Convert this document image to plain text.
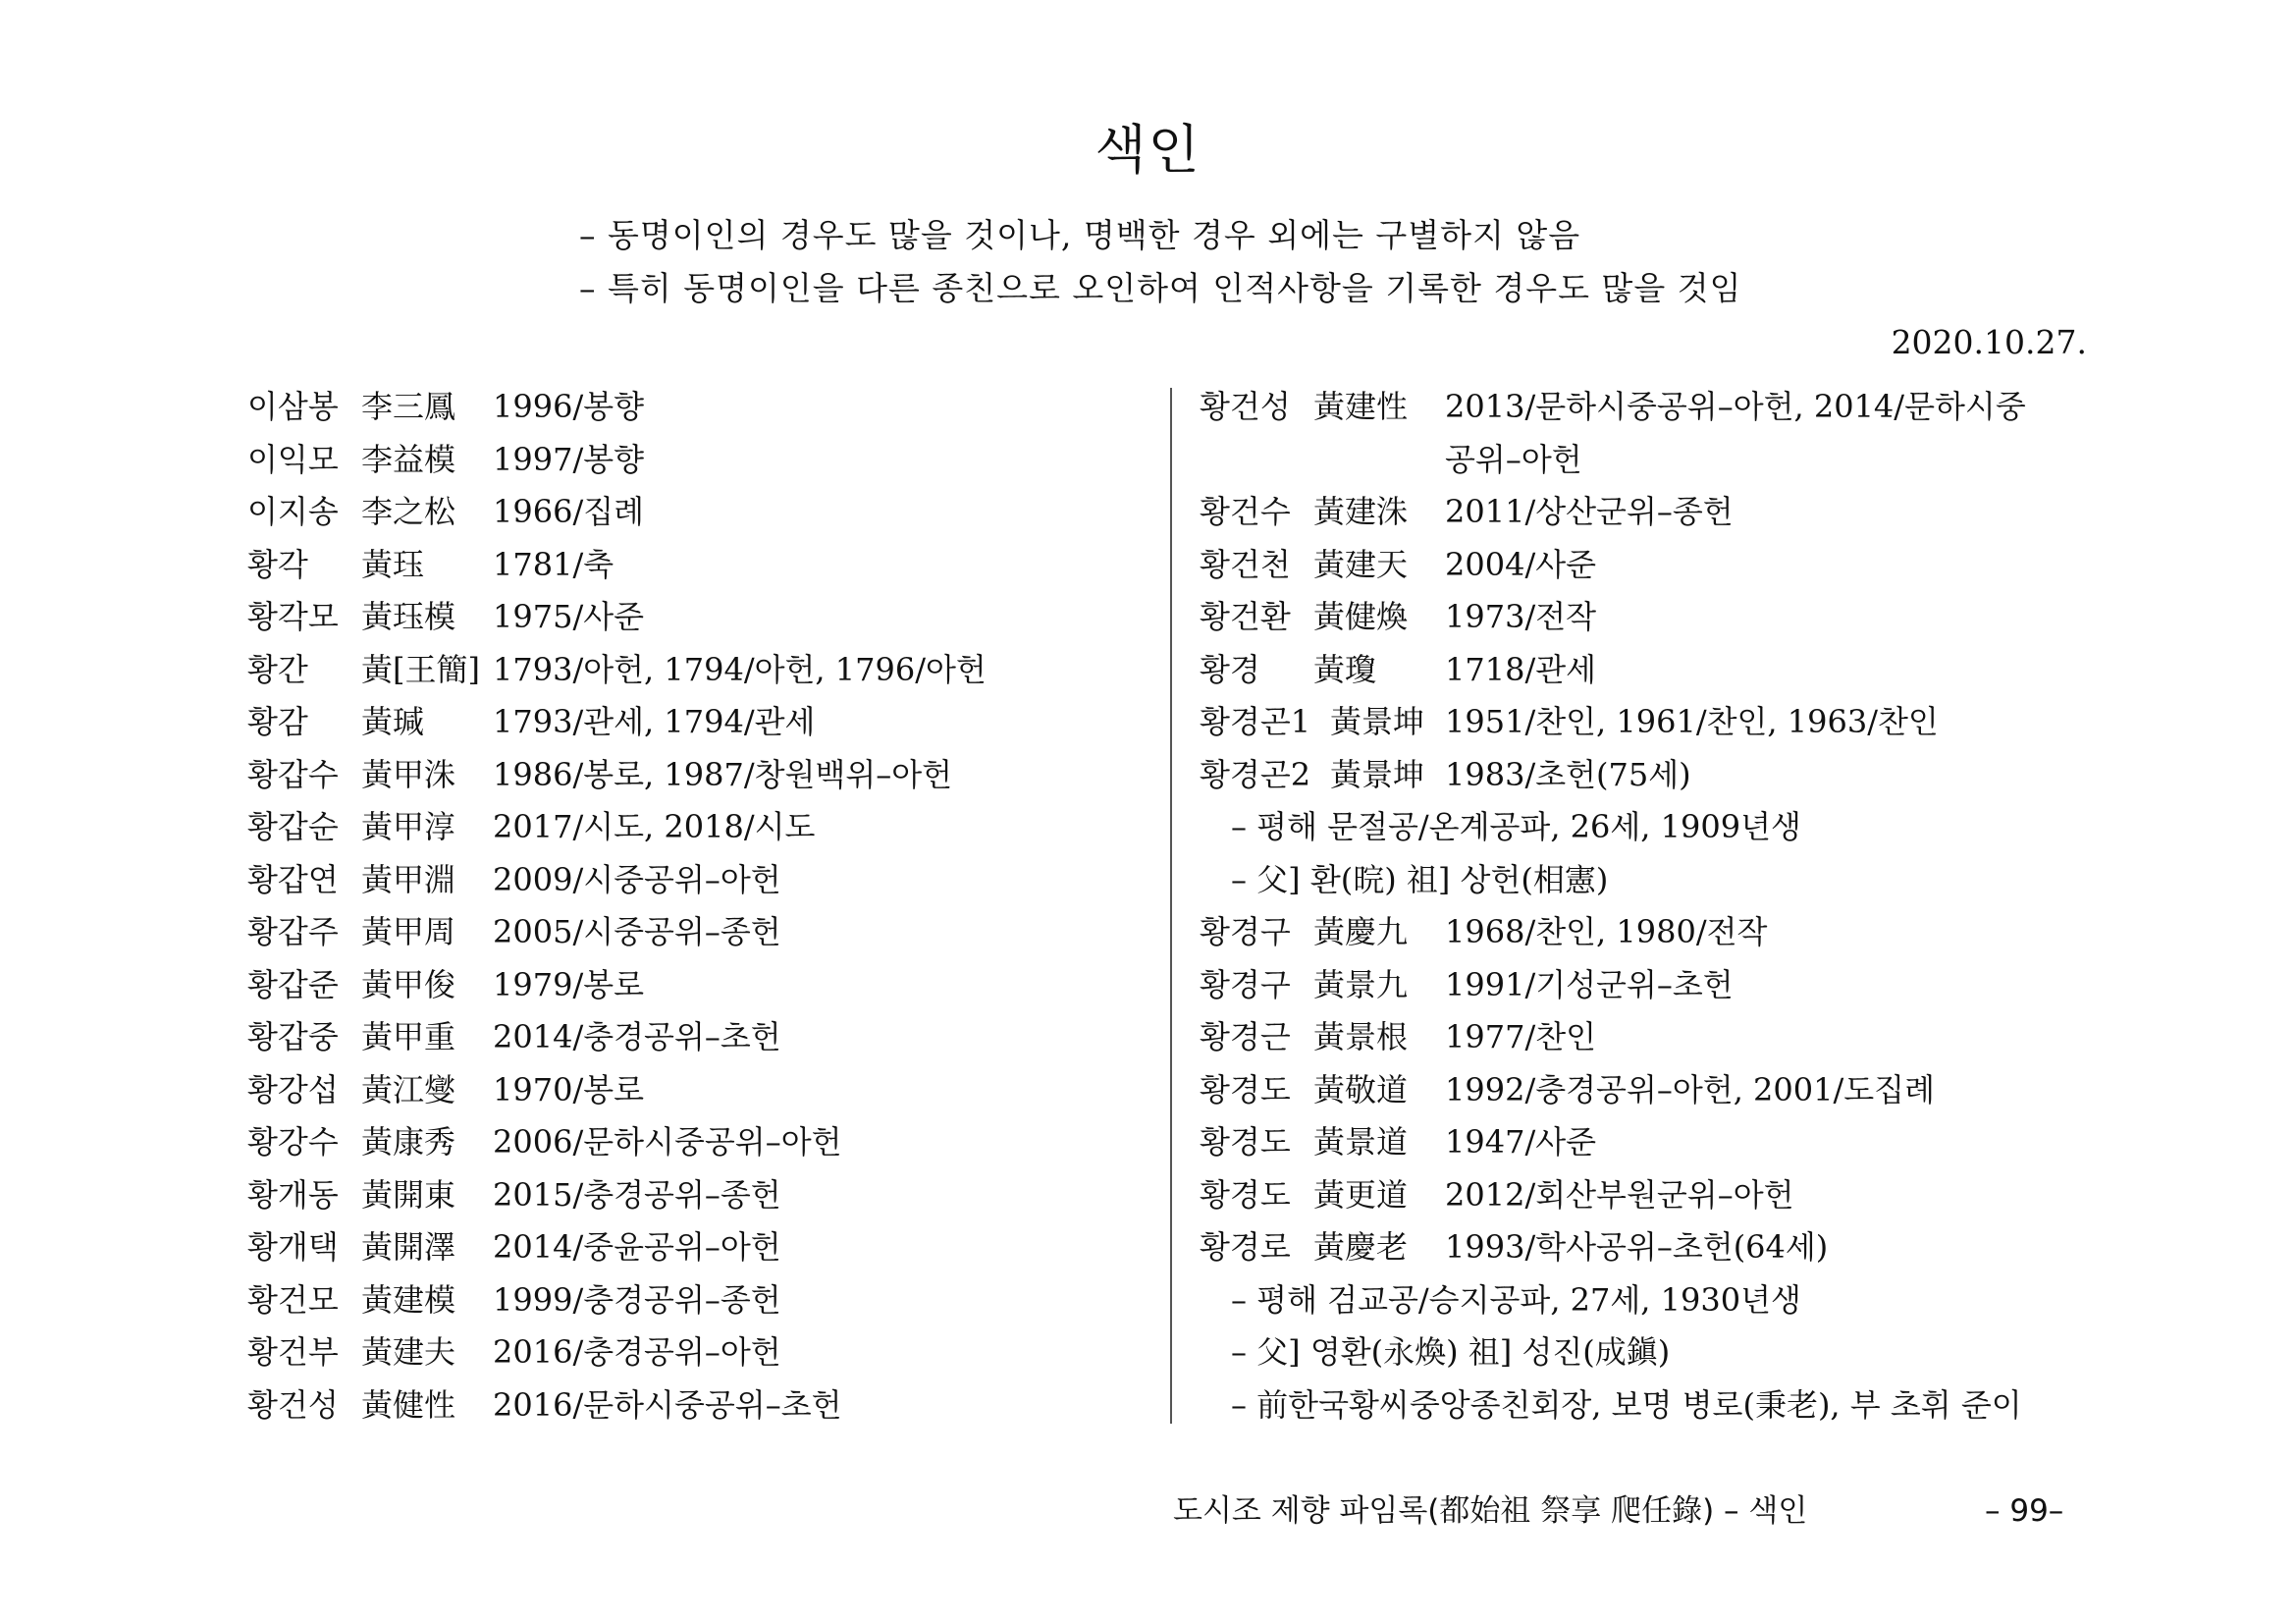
색인
– 동명이인의 경우도 많을 것이나, 명백한 경우 외에는 구별하지 않음
– 특히 동명이인을 다른 종친으로 오인하여 인적사항을 기록한 경우도 많을 것임
2020.10.27.
이삼봉 李三鳳 1996/봉향
이익모 李益模 1997/봉향
이지송 李之松 1966/집례
황각 黃珏 1781/축
황각모 黃珏模 1975/사준
황간 黃[王簡] 1793/아헌, 1794/아헌, 1796/아헌
황감 黃瑊 1793/관세, 1794/관세
황갑수 黃甲洙 1986/봉로, 1987/창원백위–아헌
황갑순 黃甲淳 2017/시도, 2018/시도
황갑연 黃甲淵 2009/시중공위–아헌
황갑주 黃甲周 2005/시중공위–종헌
황갑준 黃甲俊 1979/봉로
황갑중 黃甲重 2014/충경공위–초헌
황강섭 黃江燮 1970/봉로
황강수 黃康秀 2006/문하시중공위–아헌
황개동 黃開東 2015/충경공위–종헌
황개택 黃開澤 2014/중윤공위–아헌
황건모 黃建模 1999/충경공위–종헌
황건부 黃建夫 2016/충경공위–아헌
황건성 黃健性 2016/문하시중공위–초헌
황건성 黃建性 2013/문하시중공위–아헌, 2014/문하시중
공위–아헌
황건수 黃建洙 2011/상산군위–종헌
황건천 黃建天 2004/사준
황건환 黃健煥 1973/전작
황경 黃瓊 1718/관세
황경곤1 黃景坤 1951/찬인, 1961/찬인, 1963/찬인
황경곤2 黃景坤 1983/초헌(75세)
– 평해 문절공/온계공파, 26세, 1909년생
– 父] 환(晥) 祖] 상헌(相憲)
황경구 黃慶九 1968/찬인, 1980/전작
황경구 黃景九 1991/기성군위–초헌
황경근 黃景根 1977/찬인
황경도 黃敬道 1992/충경공위–아헌, 2001/도집례
황경도 黃景道 1947/사준
황경도 黃更道 2012/회산부원군위–아헌
황경로 黃慶老 1993/학사공위–초헌(64세)
– 평해 검교공/승지공파, 27세, 1930년생
– 父] 영환(永煥) 祖] 성진(成鎭)
– 前한국황씨중앙종친회장, 보명 병로(秉老), 부 초휘 준이
도시조 제향 파임록(都始祖 祭享 爬任錄) – 색인	– 99–
